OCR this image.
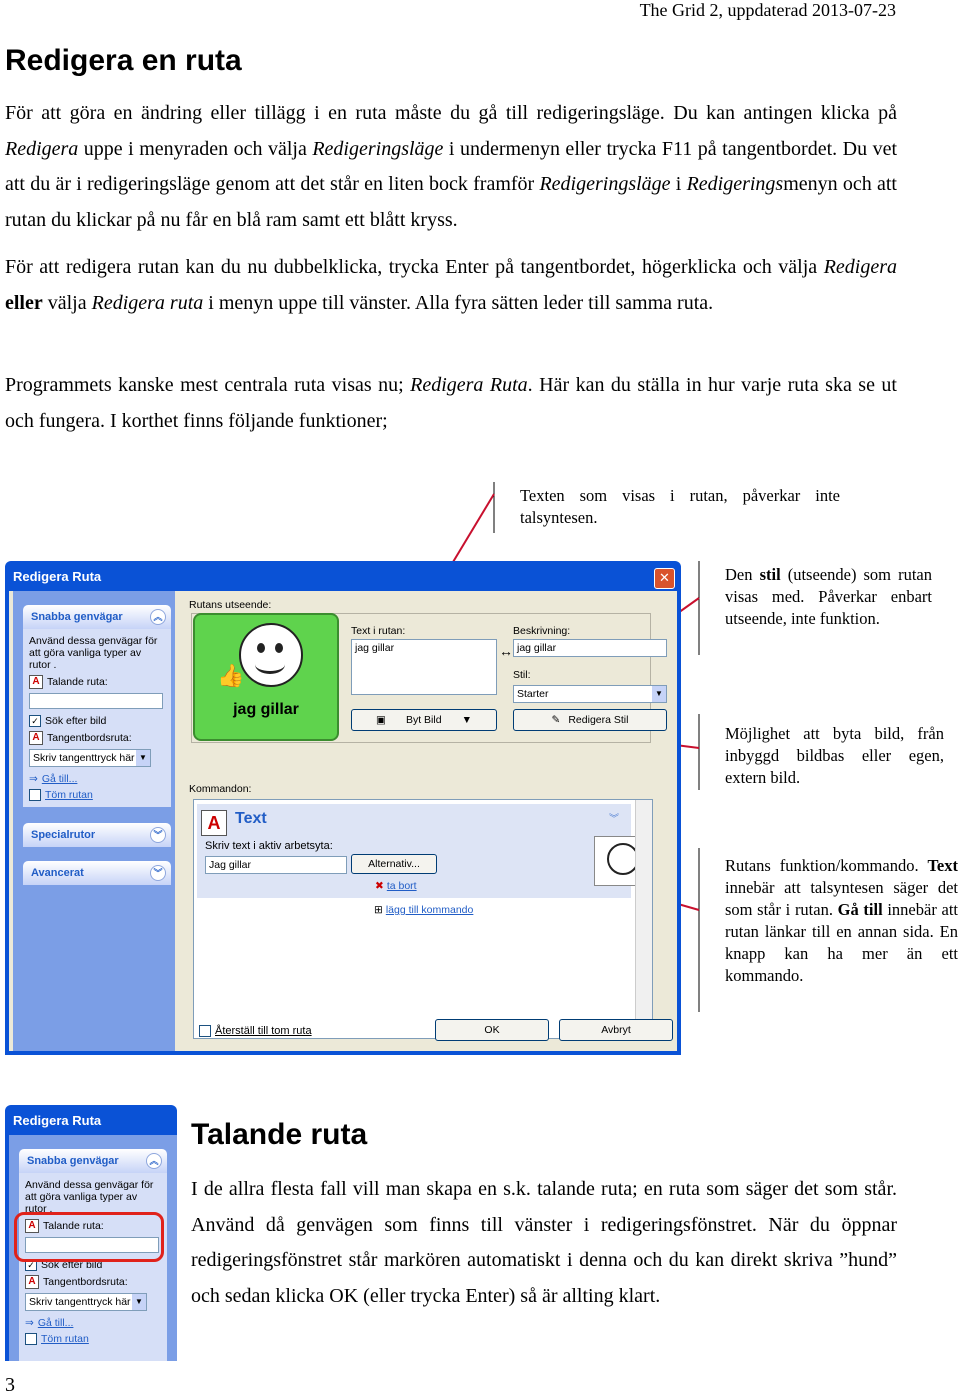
The Grid 2, uppdaterad 2013-07-23
Redigera en ruta

För att göra en ändring eller tillägg i en ruta måste du gå till redigeringsläge. Du kan antingen klicka på Redigera uppe i menyraden och välja Redigeringsläge i undermenyn eller trycka F11 på tangentbordet. Du vet att du är i redigeringsläge genom att det står en liten bock framför Redigeringsläge i Redigeringsmenyn och att rutan du klickar på nu får en blå ram samt ett blått kryss.

För att redigera rutan kan du nu dubbelklicka, trycka Enter på tangentbordet, högerklicka och välja Redigera eller välja Redigera ruta i menyn uppe till vänster. Alla fyra sätten leder till samma ruta.

Programmets kanske mest centrala ruta visas nu; Redigera Ruta. Här kan du ställa in hur varje ruta ska se ut och fungera. I korthet finns följande funktioner;

Texten som visas i rutan, påverkar inte talsyntesen.
Den stil (utseende) som rutan visas med. Påverkar enbart utseende, inte funktion.
Möjlighet att byta bild, från inbyggd bildbas eller egen, extern bild.
Rutans funktion/kommando. Text innebär att talsyntesen säger det som står i rutan. Gå till innebär att rutan länkar till en annan sida. En knapp kan ha mer än ett kommando.
Redigera Ruta	✕
Snabba genvägar	︽
Använd dessa genvägar för att göra vanliga typer av rutor .
A Talande ruta:
✓ Sök efter bild
A Tangentbordsruta:
Skriv tangenttryck här ▼
⇒ Gå till...
Töm rutan
Specialrutor	︾
Avancerat	︾
Rutans utseende:
👍
jag gillar
Text i rutan:
jag gillar	↔
Beskrivning:
jag gillar
Stil:
Starter	▼
▣ Byt Bild ▼	✎ Redigera Stil
Kommandon:
A Text
Skriv text i aktiv arbetsyta:
Jag gillar	Alternativ...
✖ ta bort
︾
⊞ lägg till kommando
Återställ till tom ruta	OK	Avbryt
Redigera Ruta
Snabba genvägar	︽
Använd dessa genvägar för att göra vanliga typer av rutor .
A Talande ruta:
✓ Sök efter bild
A Tangentbordsruta:
Skriv tangenttryck här ▼
⇒ Gå till...
Töm rutan
Talande ruta
I de allra flesta fall vill man skapa en s.k. talande ruta; en ruta som säger det som står. Använd då genvägen som finns till vänster i redigeringsfönstret. När du öppnar redigeringsfönstret står markören automatiskt i denna och du kan direkt skriva ”hund” och sedan klicka OK (eller trycka Enter) så är allting klart.
3
